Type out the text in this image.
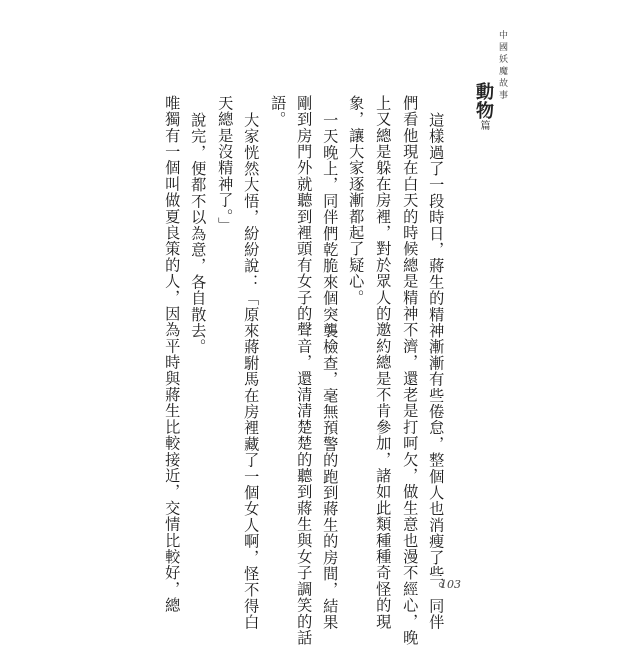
中國妖魔故事
動物篇
這樣過了一段時日，蔣生的精神漸漸有些倦怠，整個人也消瘦了些。同伴
們看他現在白天的時候總是精神不濟，還老是打呵欠，做生意也漫不經心，晚
上又總是躲在房裡，對於眾人的邀約總是不肯參加，諸如此類種種奇怪的現
象，讓大家逐漸都起了疑心。
一天晚上，同伴們乾脆來個突襲檢查，毫無預警的跑到蔣生的房間，結果
剛到房門外就聽到裡頭有女子的聲音，還清清楚楚的聽到蔣生與女子調笑的話
語。
大家恍然大悟，紛紛說：「原來蔣駙馬在房裡藏了一個女人啊，怪不得白
天總是沒精神了。」
說完，便都不以為意，各自散去。
唯獨有一個叫做夏良策的人，因為平時與蔣生比較接近，交情比較好，總	103
